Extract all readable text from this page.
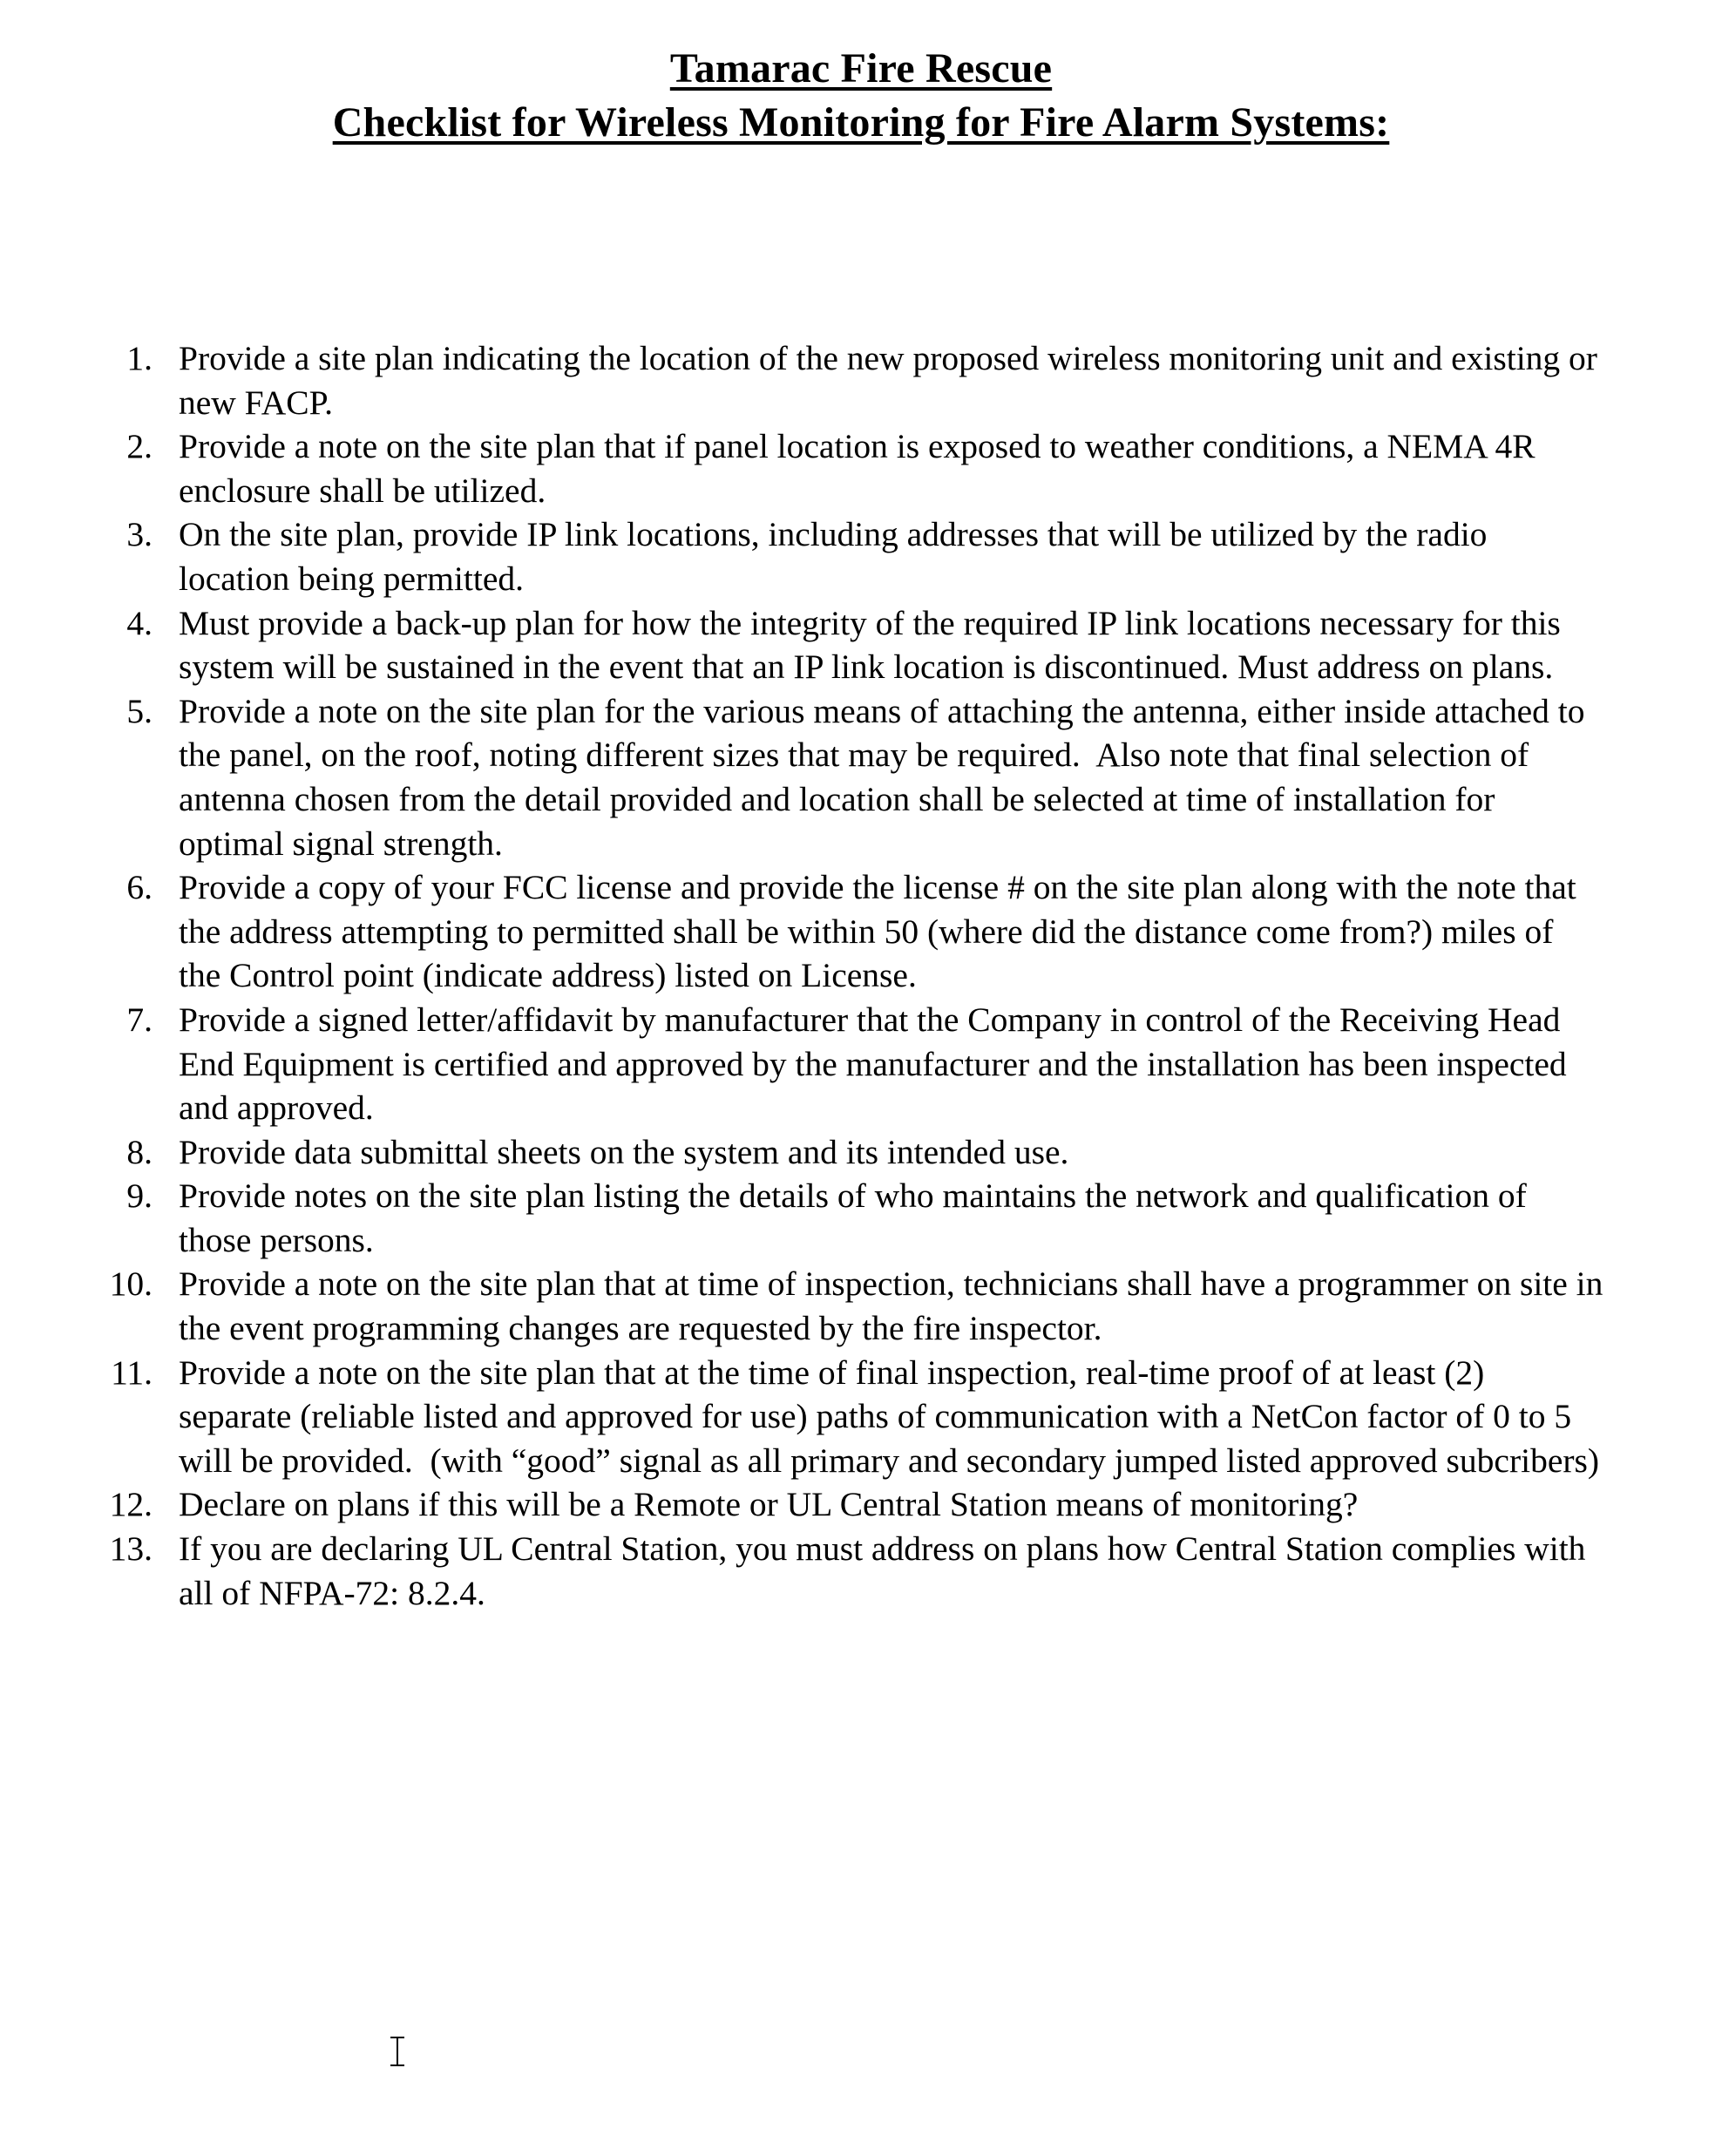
Tamarac Fire Rescue
Checklist for Wireless Monitoring for Fire Alarm Systems:
1. Provide a site plan indicating the location of the new proposed wireless monitoring unit and existing or new FACP.
2. Provide a note on the site plan that if panel location is exposed to weather conditions, a NEMA 4R enclosure shall be utilized.
3. On the site plan, provide IP link locations, including addresses that will be utilized by the radio location being permitted.
4. Must provide a back-up plan for how the integrity of the required IP link locations necessary for this system will be sustained in the event that an IP link location is discontinued. Must address on plans.
5. Provide a note on the site plan for the various means of attaching the antenna, either inside attached to the panel, on the roof, noting different sizes that may be required.  Also note that final selection of antenna chosen from the detail provided and location shall be selected at time of installation for optimal signal strength.
6. Provide a copy of your FCC license and provide the license # on the site plan along with the note that the address attempting to permitted shall be within 50 (where did the distance come from?) miles of the Control point (indicate address) listed on License.
7. Provide a signed letter/affidavit by manufacturer that the Company in control of the Receiving Head End Equipment is certified and approved by the manufacturer and the installation has been inspected and approved.
8. Provide data submittal sheets on the system and its intended use.
9. Provide notes on the site plan listing the details of who maintains the network and qualification of those persons.
10. Provide a note on the site plan that at time of inspection, technicians shall have a programmer on site in the event programming changes are requested by the fire inspector.
11. Provide a note on the site plan that at the time of final inspection, real-time proof of at least (2) separate (reliable listed and approved for use) paths of communication with a NetCon factor of 0 to 5 will be provided.  (with “good” signal as all primary and secondary jumped listed approved subcribers)
12. Declare on plans if this will be a Remote or UL Central Station means of monitoring?
13. If you are declaring UL Central Station, you must address on plans how Central Station complies with all of NFPA-72: 8.2.4.
